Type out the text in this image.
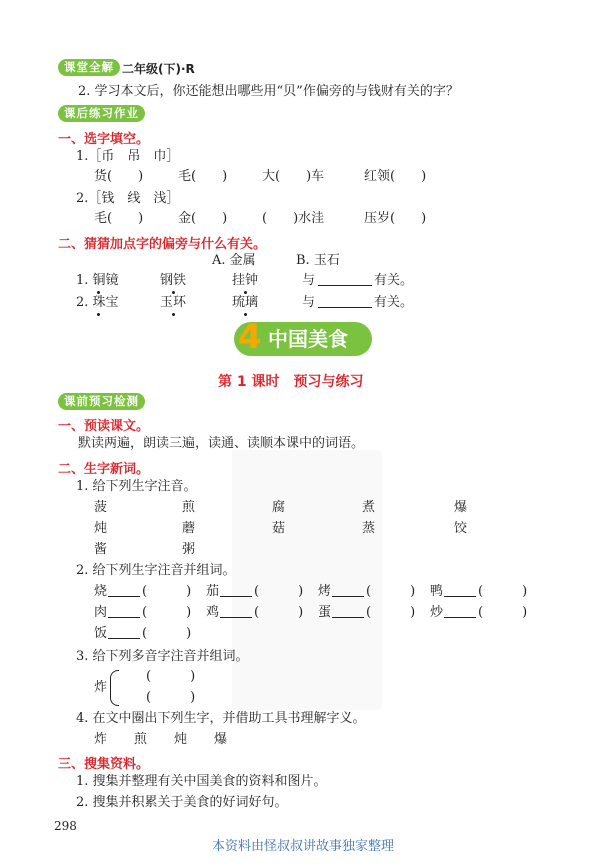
课堂全解 二年级(下)·R
2. 学习本文后，你还能想出哪些用“贝”作偏旁的与钱财有关的字？
课后练习作业
一、选字填空。
1.［币　吊　巾］
货(　　)	毛(　　)	大(　　)车	红领(　　)
2.［钱　线　浅］
毛(　　)	金(　　)	(　　)水洼	压岁(　　)
二、猜猜加点字的偏旁与什么有关。
A. 金属	B. 玉石
1. 铜镜	钢铁	挂钟	与	有关。
2. 珠宝	玉环	琉璃	与	有关。
4 中国美食
第 1 课时　预习与练习
课前预习检测
一、预读课文。
默读两遍，朗读三遍，读通、读顺本课中的词语。
二、生字新词。
1. 给下列生字注音。
菠	煎	腐	煮	爆
炖	蘑	菇	蒸	饺
酱	粥
2. 给下列生字注音并组词。
烧	(　　　) 茄	(　　　) 烤	(　　　) 鸭	(　　　)
肉	(　　　) 鸡	(　　　) 蛋	(　　　) 炒	(　　　)
饭	(　　　)
3. 给下列多音字注音并组词。
炸
(　　　)
(　　　)
4. 在文中圈出下列生字，并借助工具书理解字义。
炸 煎 炖 爆
三、搜集资料。
1. 搜集并整理有关中国美食的资料和图片。
2. 搜集并积累关于美食的好词好句。
298
本资料由怪叔叔讲故事独家整理
